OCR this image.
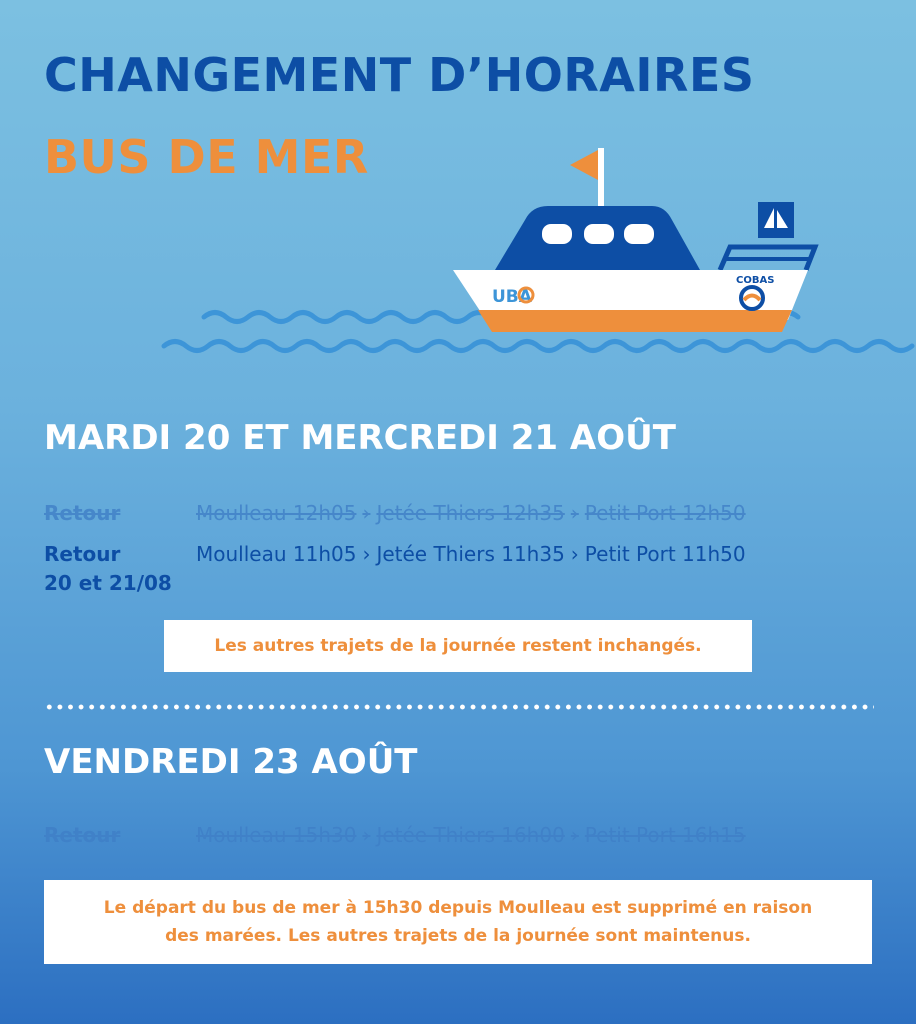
CHANGEMENT D’HORAIRES
BUS DE MER
UBA
COBAS
MARDI 20 ET MERCREDI 21 AOÛT
Retour	Moulleau 12h05 › Jetée Thiers 12h35 › Petit Port 12h50
Retour
20 et 21/08
Moulleau 11h05 › Jetée Thiers 11h35 › Petit Port 11h50
Les autres trajets de la journée restent inchangés.
VENDREDI 23 AOÛT
Retour	Moulleau 15h30 › Jetée Thiers 16h00 › Petit Port 16h15
Le départ du bus de mer à 15h30 depuis Moulleau est supprimé en raison
des marées. Les autres trajets de la journée sont maintenus.
